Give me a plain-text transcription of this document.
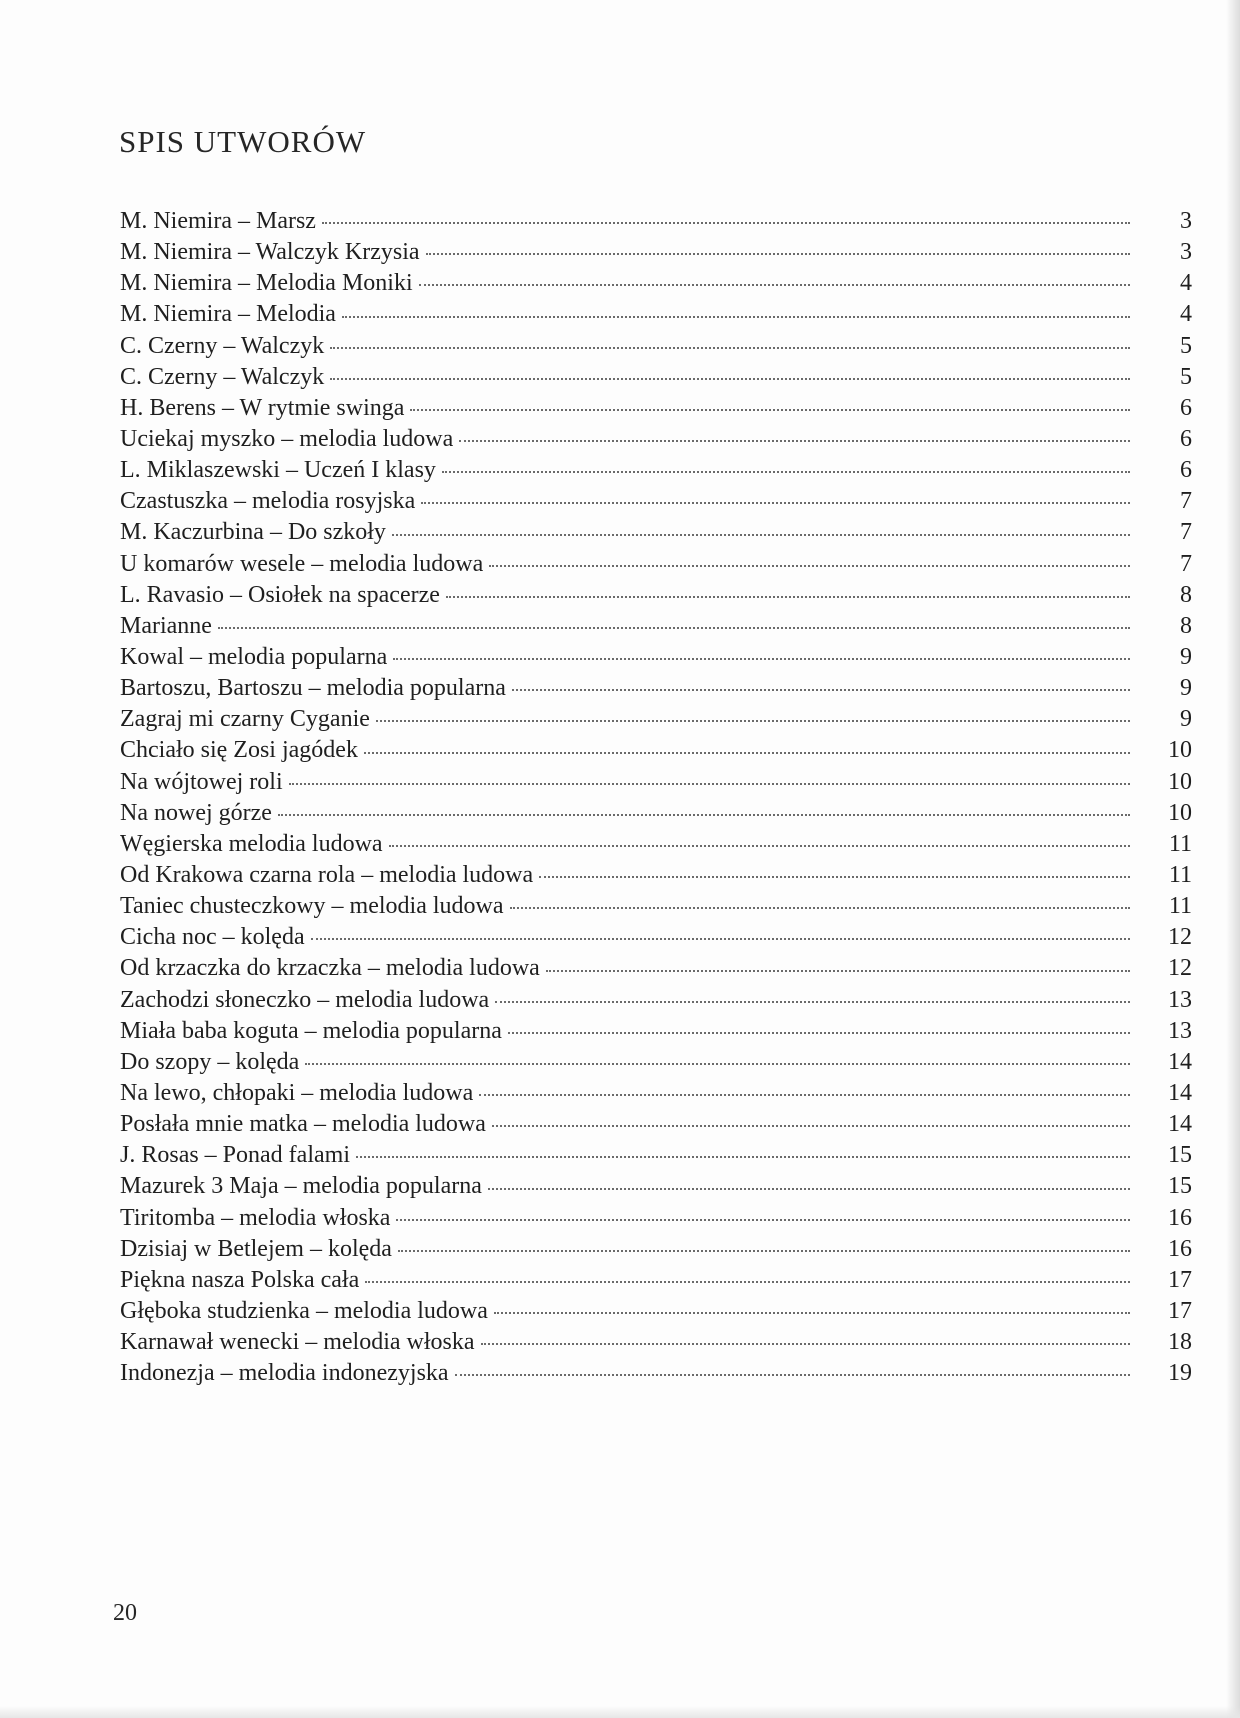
SPIS UTWORÓW
M. Niemira – Marsz	3
M. Niemira – Walczyk Krzysia	3
M. Niemira – Melodia Moniki	4
M. Niemira – Melodia	4
C. Czerny – Walczyk	5
C. Czerny – Walczyk	5
H. Berens – W rytmie swinga	6
Uciekaj myszko – melodia ludowa	6
L. Miklaszewski – Uczeń I klasy	6
Czastuszka – melodia rosyjska	7
M. Kaczurbina – Do szkoły	7
U komarów wesele – melodia ludowa	7
L. Ravasio – Osiołek na spacerze	8
Marianne	8
Kowal – melodia popularna	9
Bartoszu, Bartoszu – melodia popularna	9
Zagraj mi czarny Cyganie	9
Chciało się Zosi jagódek	10
Na wójtowej roli	10
Na nowej górze	10
Węgierska melodia ludowa	11
Od Krakowa czarna rola – melodia ludowa	11
Taniec chusteczkowy – melodia ludowa	11
Cicha noc – kolęda	12
Od krzaczka do krzaczka – melodia ludowa	12
Zachodzi słoneczko – melodia ludowa	13
Miała baba koguta – melodia popularna	13
Do szopy – kolęda	14
Na lewo, chłopaki – melodia ludowa	14
Posłała mnie matka – melodia ludowa	14
J. Rosas – Ponad falami	15
Mazurek 3 Maja – melodia popularna	15
Tiritomba – melodia włoska	16
Dzisiaj w Betlejem – kolęda	16
Piękna nasza Polska cała	17
Głęboka studzienka – melodia ludowa	17
Karnawał wenecki – melodia włoska	18
Indonezja – melodia indonezyjska	19
20
